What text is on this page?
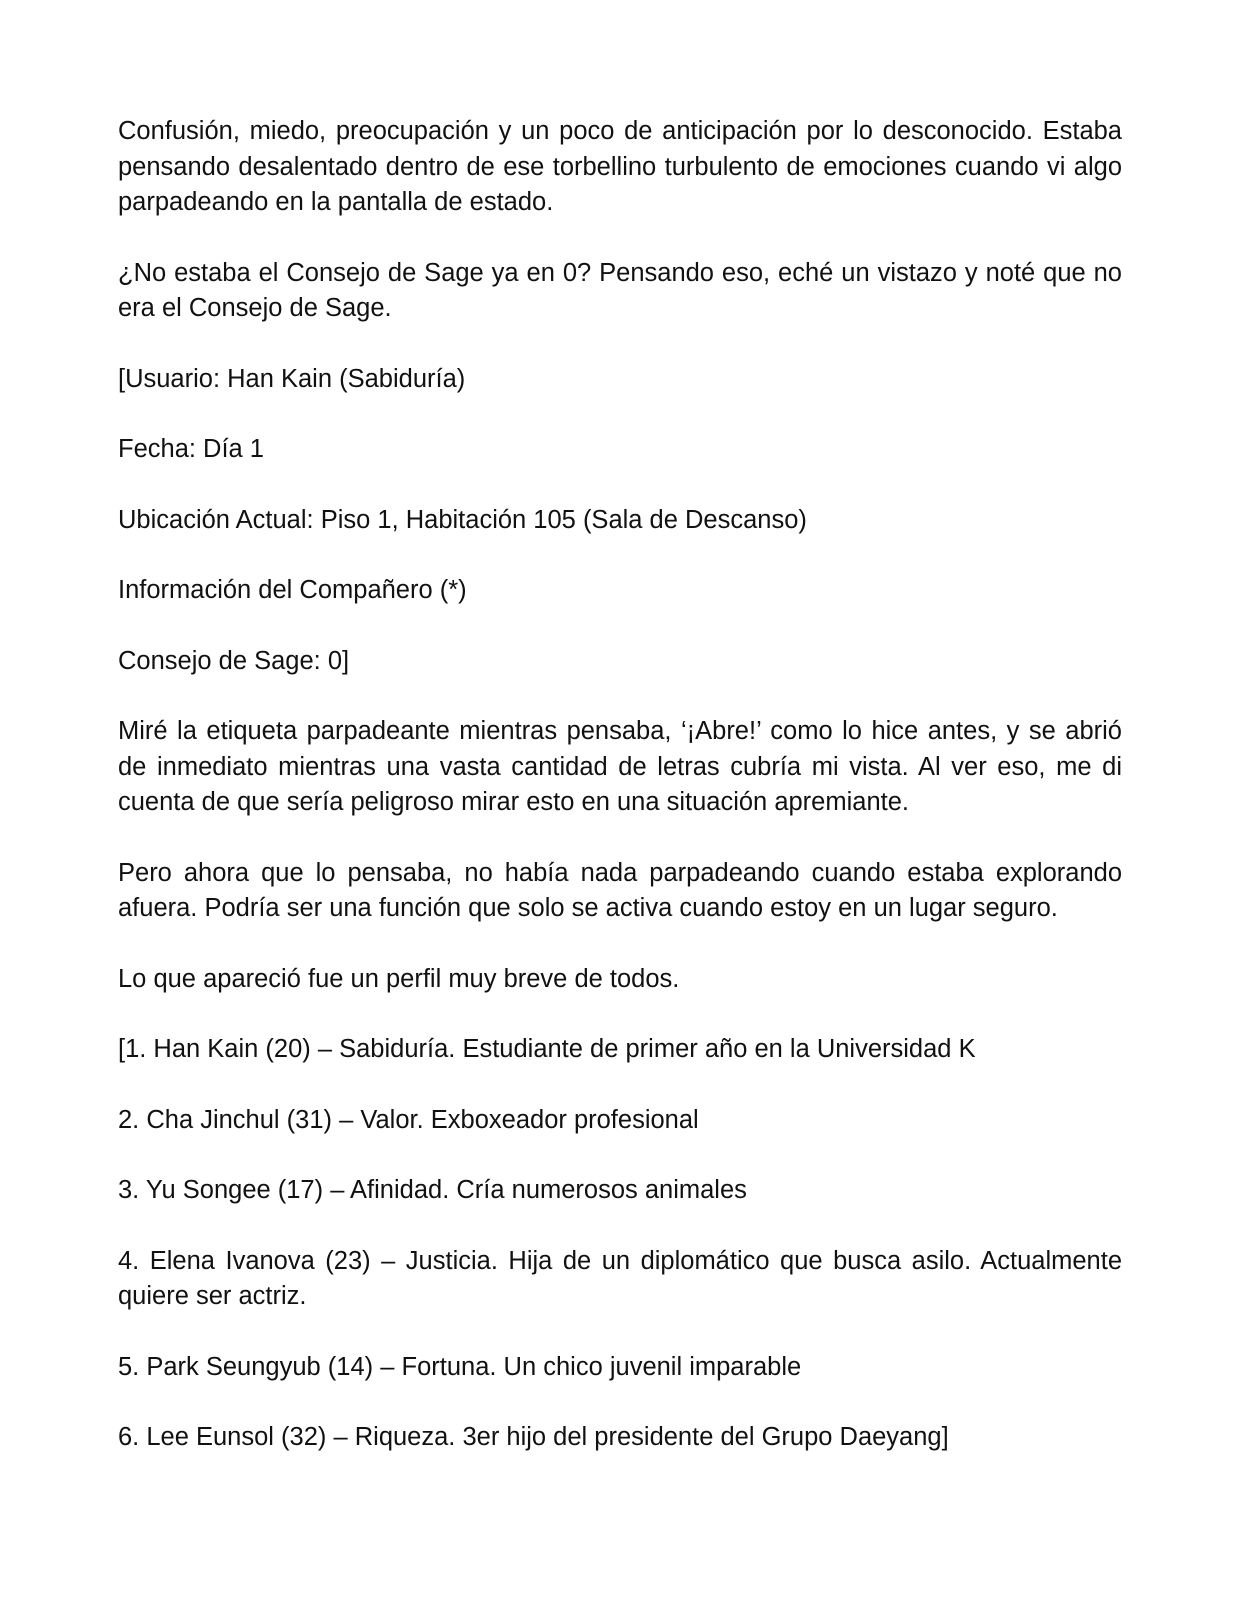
Confusión, miedo, preocupación y un poco de anticipación por lo desconocido. Estaba pensando desalentado dentro de ese torbellino turbulento de emociones cuando vi algo parpadeando en la pantalla de estado.

¿No estaba el Consejo de Sage ya en 0? Pensando eso, eché un vistazo y noté que no era el Consejo de Sage.

[Usuario: Han Kain (Sabiduría)

Fecha: Día 1

Ubicación Actual: Piso 1, Habitación 105 (Sala de Descanso)

Información del Compañero (*)

Consejo de Sage: 0]

Miré la etiqueta parpadeante mientras pensaba, ‘¡Abre!’ como lo hice antes, y se abrió de inmediato mientras una vasta cantidad de letras cubría mi vista. Al ver eso, me di cuenta de que sería peligroso mirar esto en una situación apremiante.

Pero ahora que lo pensaba, no había nada parpadeando cuando estaba explorando afuera. Podría ser una función que solo se activa cuando estoy en un lugar seguro.

Lo que apareció fue un perfil muy breve de todos.

[1. Han Kain (20) – Sabiduría. Estudiante de primer año en la Universidad K

2. Cha Jinchul (31) – Valor. Exboxeador profesional

3. Yu Songee (17) – Afinidad. Cría numerosos animales

4. Elena Ivanova (23) – Justicia. Hija de un diplomático que busca asilo. Actualmente quiere ser actriz.

5. Park Seungyub (14) – Fortuna. Un chico juvenil imparable

6. Lee Eunsol (32) – Riqueza. 3er hijo del presidente del Grupo Daeyang]
